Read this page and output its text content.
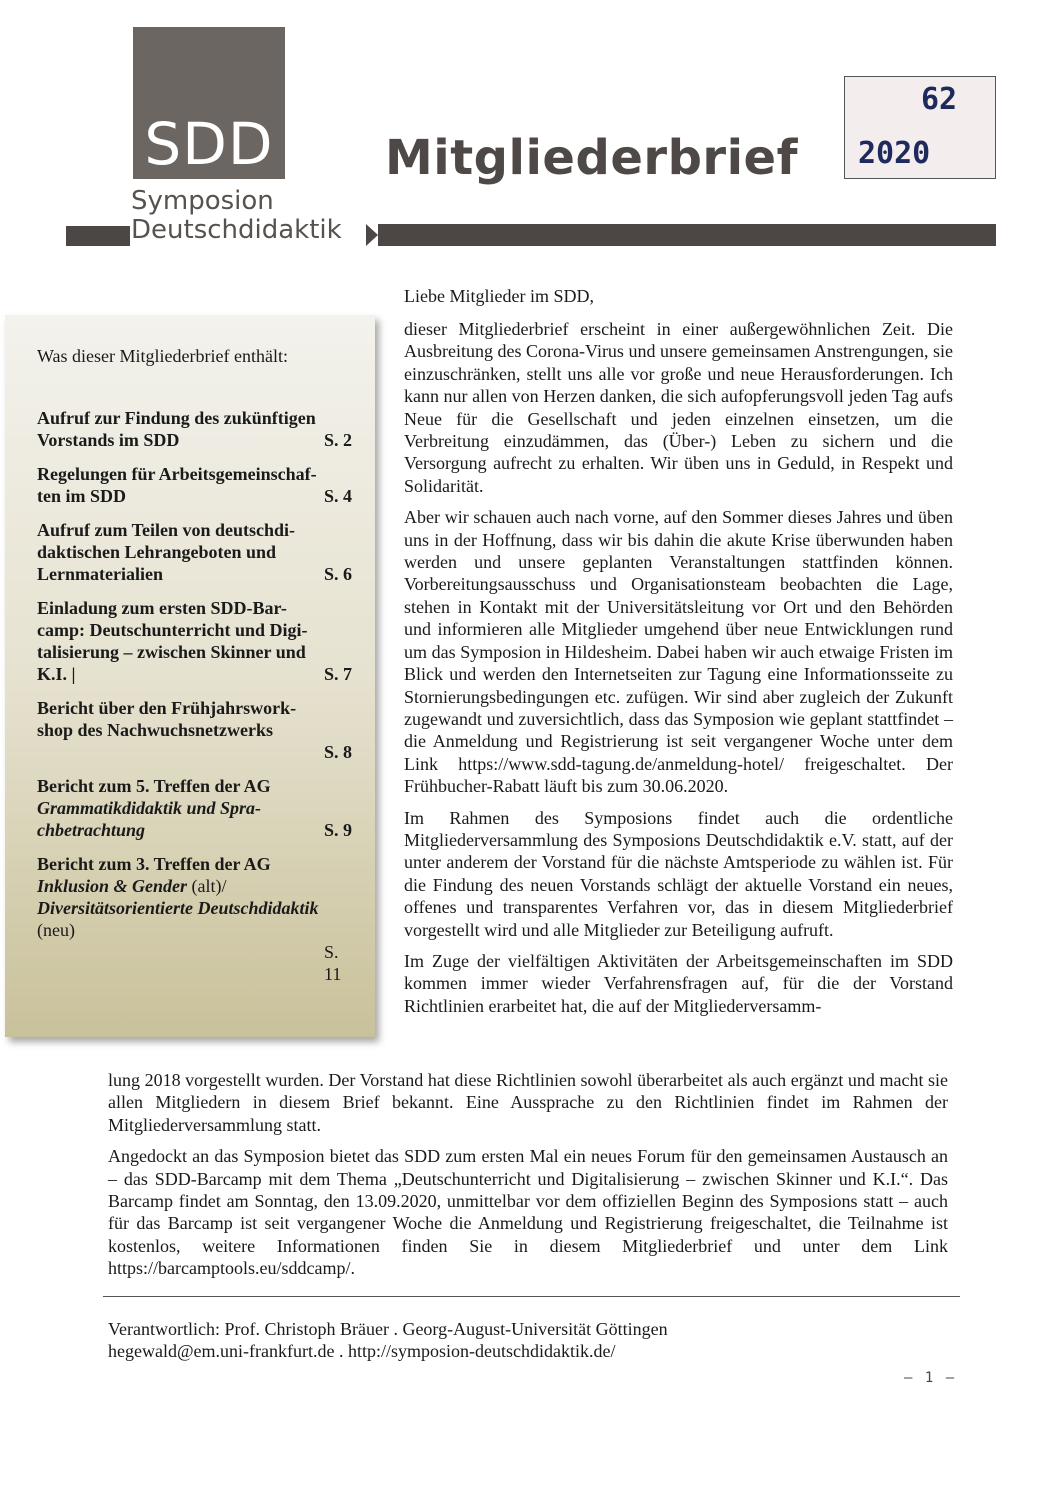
SDD
Symposion
Deutschdidaktik
Mitgliederbrief
62
2020
Was dieser Mitgliederbrief enthält:
Aufruf zur Findung des zukünftigen
Vorstands im SDD	S. 2
Regelungen für Arbeitsgemeinschaf-
ten im SDD	S. 4
Aufruf zum Teilen von deutschdi-
daktischen Lehrangeboten und
Lernmaterialien	S. 6
Einladung zum ersten SDD-Bar-
camp: Deutschunterricht und Digi-
talisierung – zwischen Skinner und
K.I. |	S. 7
Bericht über den Frühjahrswork-
shop des Nachwuchsnetzwerks
S. 8
Bericht zum 5. Treffen der AG
Grammatikdidaktik und Spra-
chbetrachtung	S. 9
Bericht zum 3. Treffen der AG
Inklusion & Gender (alt)/
Diversitätsorientierte Deutschdidaktik
(neu)
S. 11
Liebe Mitglieder im SDD,

dieser Mitgliederbrief erscheint in einer außergewöhnlichen Zeit. Die Ausbreitung des Corona-Virus und unsere gemeinsamen Anstrengungen, sie einzuschränken, stellt uns alle vor große und neue Herausforderungen. Ich kann nur allen von Herzen danken, die sich aufopferungsvoll jeden Tag aufs Neue für die Gesellschaft und jeden einzelnen einsetzen, um die Verbreitung einzudämmen, das (Über-) Leben zu sichern und die Versorgung aufrecht zu erhalten. Wir üben uns in Geduld, in Respekt und Solidarität.

Aber wir schauen auch nach vorne, auf den Sommer dieses Jahres und üben uns in der Hoffnung, dass wir bis dahin die akute Krise überwunden haben werden und unsere geplanten Veranstaltungen stattfinden können. Vorbereitungsausschuss und Organisationsteam beobachten die Lage, stehen in Kontakt mit der Universitätsleitung vor Ort und den Behörden und informieren alle Mitglieder umgehend über neue Entwicklungen rund um das Symposion in Hildesheim. Dabei haben wir auch etwaige Fristen im Blick und werden den Internetseiten zur Tagung eine Informationsseite zu Stornierungsbedingungen etc. zufügen. Wir sind aber zugleich der Zukunft zugewandt und zuversichtlich, dass das Symposion wie geplant stattfindet – die Anmeldung und Registrierung ist seit vergangener Woche unter dem Link https://www.sdd-tagung.de/anmeldung-hotel/ freigeschaltet. Der Frühbucher-Rabatt läuft bis zum 30.06.2020.

Im Rahmen des Symposions findet auch die ordentliche Mitgliederversammlung des Symposions Deutschdidaktik e.V. statt, auf der unter anderem der Vorstand für die nächste Amtsperiode zu wählen ist. Für die Findung des neuen Vorstands schlägt der aktuelle Vorstand ein neues, offenes und transparentes Verfahren vor, das in diesem Mitgliederbrief vorgestellt wird und alle Mitglieder zur Beteiligung aufruft.

Im Zuge der vielfältigen Aktivitäten der Arbeitsgemeinschaften im SDD kommen immer wieder Verfahrensfragen auf, für die der Vorstand Richtlinien erarbeitet hat, die auf der Mitgliederversamm-

lung 2018 vorgestellt wurden. Der Vorstand hat diese Richtlinien sowohl überarbeitet als auch ergänzt und macht sie allen Mitgliedern in diesem Brief bekannt. Eine Aussprache zu den Richtlinien findet im Rahmen der Mitgliederversammlung statt.

Angedockt an das Symposion bietet das SDD zum ersten Mal ein neues Forum für den gemeinsamen Austausch an – das SDD-Barcamp mit dem Thema „Deutschunterricht und Digitalisierung – zwischen Skinner und K.I.“. Das Barcamp findet am Sonntag, den 13.09.2020, unmittelbar vor dem offiziellen Beginn des Symposions statt – auch für das Barcamp ist seit vergangener Woche die Anmeldung und Registrierung freigeschaltet, die Teilnahme ist kostenlos, weitere Informationen finden Sie in diesem Mitgliederbrief und unter dem Link https://barcamptools.eu/sddcamp/.

Verantwortlich: Prof. Christoph Bräuer . Georg-August-Universität Göttingen
hegewald@em.uni-frankfurt.de . http://symposion-deutschdidaktik.de/
– 1 –
